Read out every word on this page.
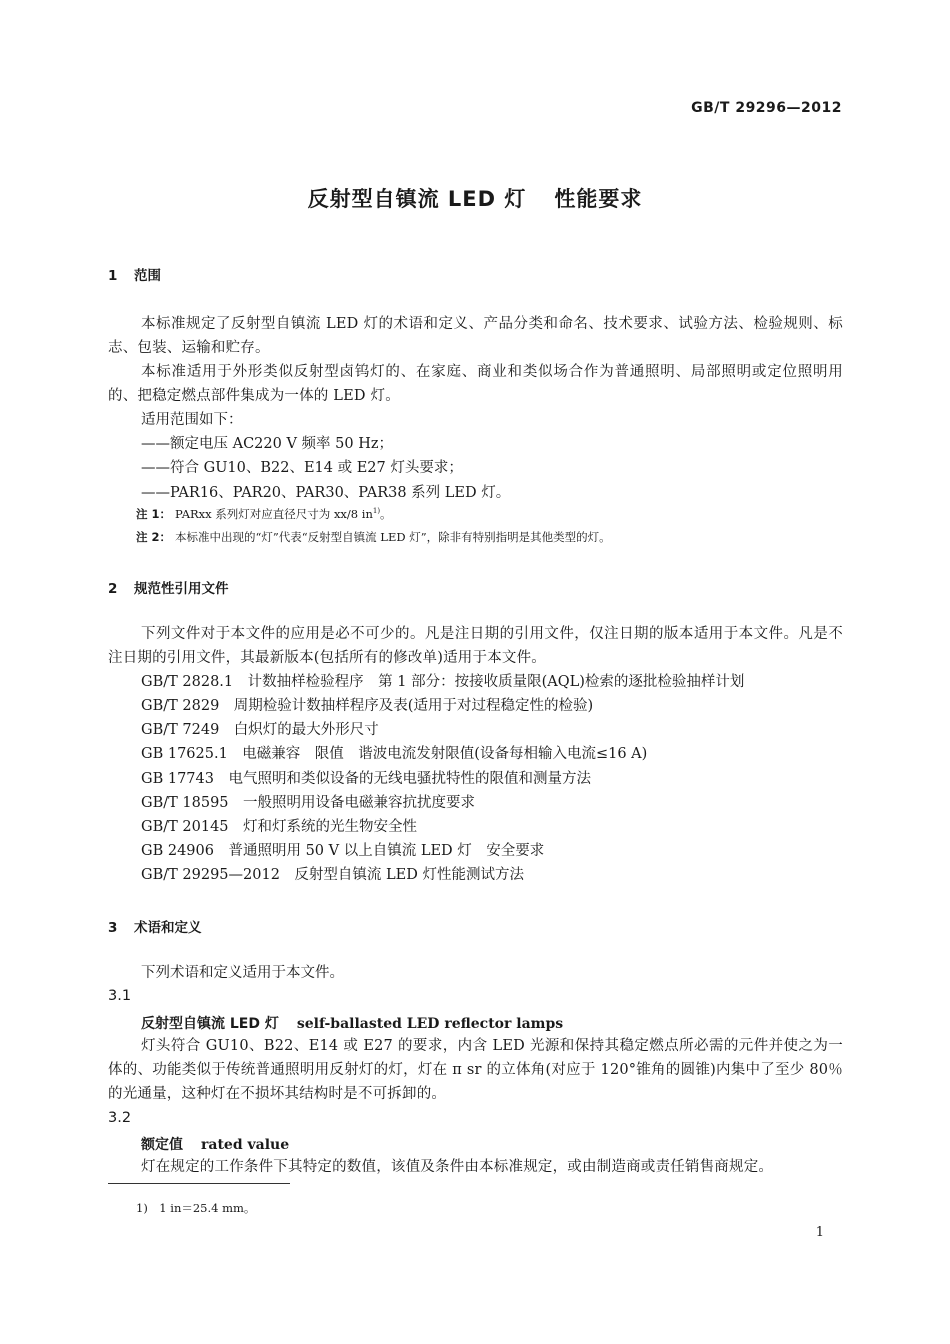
GB/T 29296—2012
反射型自镇流 LED 灯 性能要求
1 范围
本标准规定了反射型自镇流 LED 灯的术语和定义、产品分类和命名、技术要求、试验方法、检验规则、标志、包装、运输和贮存。
本标准适用于外形类似反射型卤钨灯的、在家庭、商业和类似场合作为普通照明、局部照明或定位照明用的、把稳定燃点部件集成为一体的 LED 灯。
适用范围如下：
——额定电压 AC220 V 频率 50 Hz；
——符合 GU10、B22、E14 或 E27 灯头要求；
——PAR16、PAR20、PAR30、PAR38 系列 LED 灯。
注 1： PARxx 系列灯对应直径尺寸为 xx/8 $in^{1)}$。
注 2： 本标准中出现的“灯”代表“反射型自镇流 LED 灯”，除非有特别指明是其他类型的灯。
2 规范性引用文件
下列文件对于本文件的应用是必不可少的。凡是注日期的引用文件，仅注日期的版本适用于本文件。凡是不注日期的引用文件，其最新版本(包括所有的修改单)适用于本文件。
GB/T 2828.1　计数抽样检验程序　第 1 部分：按接收质量限(AQL)检索的逐批检验抽样计划
GB/T 2829　周期检验计数抽样程序及表(适用于对过程稳定性的检验)
GB/T 7249　白炽灯的最大外形尺寸
GB 17625.1　电磁兼容　限值　谐波电流发射限值(设备每相输入电流≤16 A)
GB 17743　电气照明和类似设备的无线电骚扰特性的限值和测量方法
GB/T 18595　一般照明用设备电磁兼容抗扰度要求
GB/T 20145　灯和灯系统的光生物安全性
GB 24906　普通照明用 50 V 以上自镇流 LED 灯　安全要求
GB/T 29295—2012　反射型自镇流 LED 灯性能测试方法
3 术语和定义
下列术语和定义适用于本文件。
3.1
反射型自镇流 LED 灯 self-ballasted LED reflector lamps
灯头符合 GU10、B22、E14 或 E27 的要求，内含 LED 光源和保持其稳定燃点所必需的元件并使之为一体的、功能类似于传统普通照明用反射灯的灯，灯在 π sr 的立体角(对应于 120°锥角的圆锥)内集中了至少 80％的光通量，这种灯在不损坏其结构时是不可拆卸的。
3.2
额定值 rated value
灯在规定的工作条件下其特定的数值，该值及条件由本标准规定，或由制造商或责任销售商规定。
1)　1 in＝25.4 mm。
1
